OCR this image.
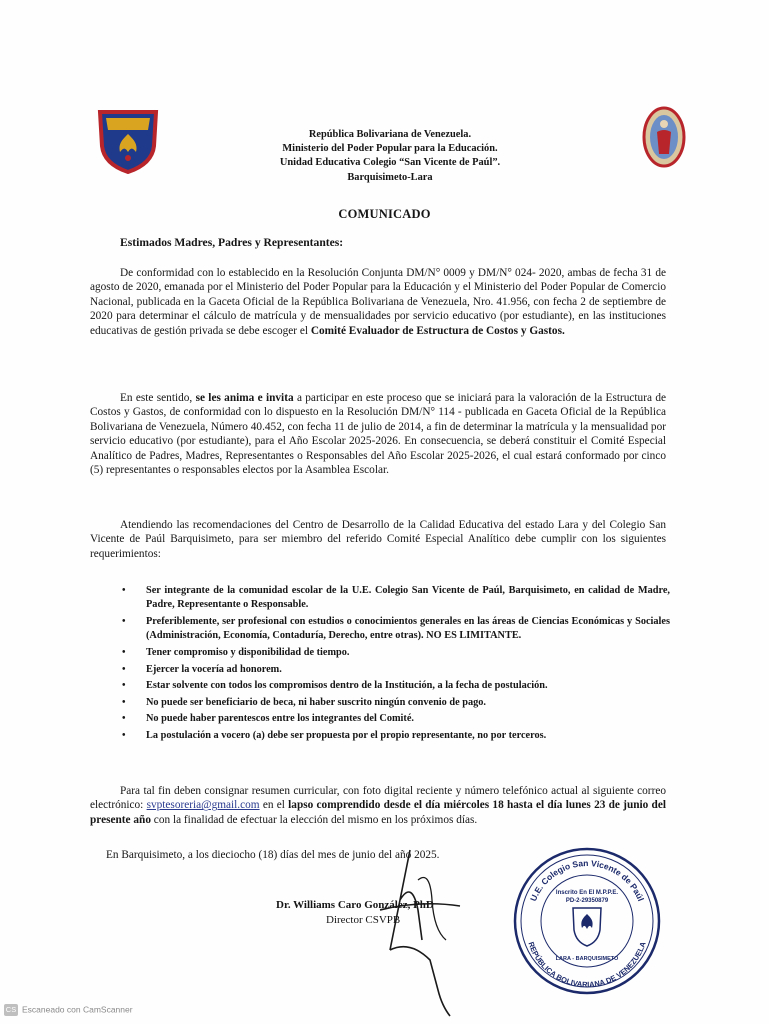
República Bolivariana de Venezuela.
Ministerio del Poder Popular para la Educación.
Unidad Educativa Colegio “San Vicente de Paúl”.
Barquisimeto-Lara
COMUNICADO
Estimados Madres, Padres y Representantes:
De conformidad con lo establecido en la Resolución Conjunta DM/N° 0009 y DM/N° 024- 2020, ambas de fecha 31 de agosto de 2020, emanada por el Ministerio del Poder Popular para la Educación y el Ministerio del Poder Popular de Comercio Nacional, publicada en la Gaceta Oficial de la República Bolivariana de Venezuela, Nro. 41.956, con fecha 2 de septiembre de 2020 para determinar el cálculo de matrícula y de mensualidades por servicio educativo (por estudiante), en las instituciones educativas de gestión privada se debe escoger el Comité Evaluador de Estructura de Costos y Gastos.
En este sentido, se les anima e invita a participar en este proceso que se iniciará para la valoración de la Estructura de Costos y Gastos, de conformidad con lo dispuesto en la Resolución DM/N° 114 - publicada en Gaceta Oficial de la República Bolivariana de Venezuela, Número 40.452, con fecha 11 de julio de 2014, a fin de determinar la matrícula y la mensualidad por servicio educativo (por estudiante), para el Año Escolar 2025-2026. En consecuencia, se deberá constituir el Comité Especial Analítico de Padres, Madres, Representantes o Responsables del Año Escolar 2025-2026, el cual estará conformado por cinco (5) representantes o responsables electos por la Asamblea Escolar.
Atendiendo las recomendaciones del Centro de Desarrollo de la Calidad Educativa del estado Lara y del Colegio San Vicente de Paúl Barquisimeto, para ser miembro del referido Comité Especial Analítico debe cumplir con los siguientes requerimientos:
• Ser integrante de la comunidad escolar de la U.E. Colegio San Vicente de Paúl, Barquisimeto, en calidad de Madre, Padre, Representante o Responsable.
• Preferiblemente, ser profesional con estudios o conocimientos generales en las áreas de Ciencias Económicas y Sociales (Administración, Economía, Contaduría, Derecho, entre otras). NO ES LIMITANTE.
• Tener compromiso y disponibilidad de tiempo.
• Ejercer la vocería ad honorem.
• Estar solvente con todos los compromisos dentro de la Institución, a la fecha de postulación.
• No puede ser beneficiario de beca, ni haber suscrito ningún convenio de pago.
• No puede haber parentescos entre los integrantes del Comité.
• La postulación a vocero (a) debe ser propuesta por el propio representante, no por terceros.
Para tal fin deben consignar resumen curricular, con foto digital reciente y número telefónico actual al siguiente correo electrónico: svptesoreria@gmail.com en el lapso comprendido desde el día miércoles 18 hasta el día lunes 23 de junio del presente año con la finalidad de efectuar la elección del mismo en los próximos días.
En Barquisimeto, a los dieciocho (18) días del mes de junio del año 2025.
Dr. Williams Caro González, PhD
Director CSVPB
U.E. Colegio San Vicente de Paúl
REPÚBLICA BOLIVARIANA DE VENEZUELA
Inscrito En El M.P.P.E.
PD-2-29350879
LARA - BARQUISIMETO
CS Escaneado con CamScanner
